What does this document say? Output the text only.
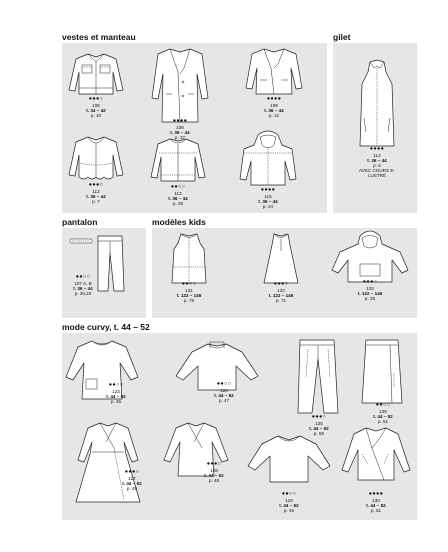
vestes et manteau	gilet
pantalon	modèles kids
mode curvy, t. 44 – 52
●●●○
105
t. 34 – 42
p. 10
●●●●
108
t. 36 – 44
p. 37
●●●●
109
t. 36 – 44
p. 12
●●●○
112
t. 36 – 44
p. 7
●●○○
113
t. 36 – 44
p. 26
●●●●
115
t. 36 – 44
p. 24
●●●●
114
t. 36 – 44
p. 6
AVEC COURS E-
LUSTRÉ
●●○○
107 A, B
t. 36 – 44
p. 36,20
●●○○
131
t. 122 – 146
p. 76
●●●○
132
t. 122 – 146
p. 71
●●●○
133
t. 122 – 146
p. 25
●●○○
123
t. 44 – 52
p. 45
●●○○
124
t. 44 – 52
p. 47
●●●○
125
t. 44 – 52
p. 50
●●○○
126
t. 44 – 52
p. 51
●●●○
127
t. 44 – 52
p. 49
●●●○
128
t. 44 – 52
p. 48
●●○○
129
t. 44 – 52
p. 46
●●●●
130
t. 44 – 52
p. 51
